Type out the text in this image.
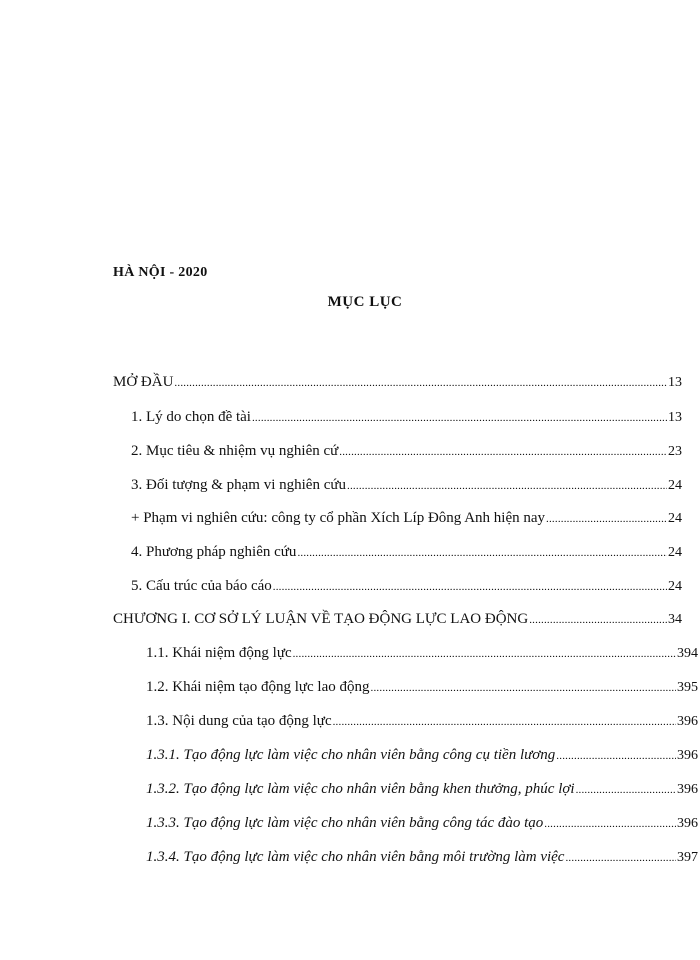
HÀ NỘI - 2020
MỤC LỤC
MỞ ĐẦU .....	13
1. Lý do chọn đề tài .....	13
2. Mục tiêu & nhiệm vụ nghiên cứ .....	23
3. Đối tượng & phạm vi nghiên cứu .....	24
+ Phạm vi nghiên cứu: công ty cổ phần Xích Líp Đông Anh hiện nay .....	24
4. Phương pháp nghiên cứu .....	24
5. Cấu trúc của báo cáo .....	24
CHƯƠNG I. CƠ SỞ LÝ LUẬN VỀ TẠO ĐỘNG LỰC LAO ĐỘNG .....	34
1.1. Khái niệm động lực .....	394
1.2. Khái niệm tạo động lực lao động .....	395
1.3. Nội dung của tạo động lực .....	396
1.3.1. Tạo động lực làm việc cho nhân viên bằng công cụ tiền lương .....	396
1.3.2. Tạo động lực làm việc cho nhân viên bằng khen thưởng, phúc lợi .....	396
1.3.3. Tạo động lực làm việc cho nhân viên bằng công tác đào tạo .....	396
1.3.4. Tạo động lực làm việc cho nhân viên bằng môi trường làm việc .....	397
